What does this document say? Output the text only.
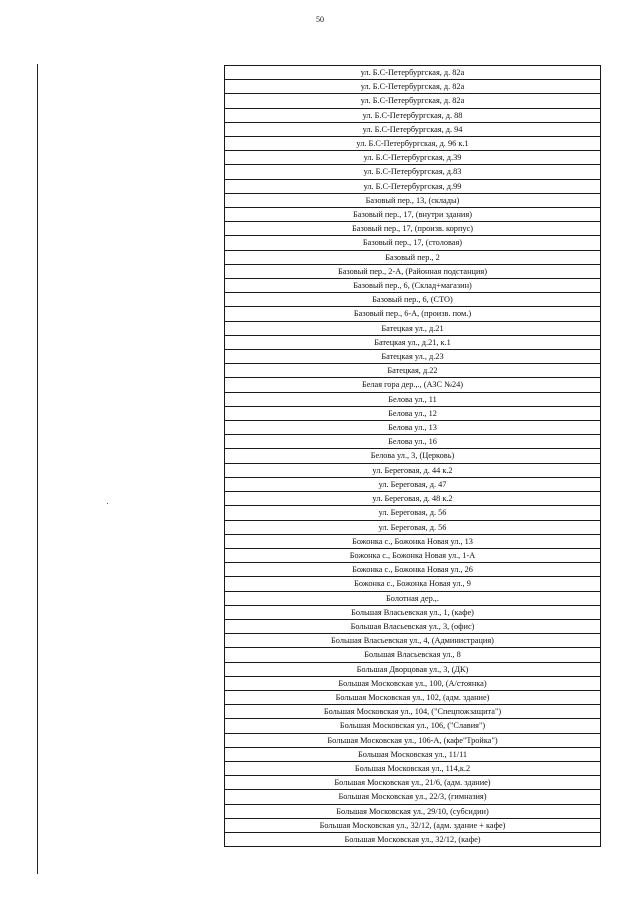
50
ул. Б.С-Петербургская, д. 82а
ул. Б.С-Петербургская, д. 82а
ул. Б.С-Петербургская, д. 82а
ул. Б.С-Петербургская, д. 88
ул. Б.С-Петербургская, д. 94
ул. Б.С-Петербургская, д. 96 к.1
ул. Б.С-Петербургская, д.39
ул. Б.С-Петербургская, д.83
ул. Б.С-Петербургская, д.99
Базовый пер., 13, (склады)
Базовый пер., 17, (внутри здания)
Базовый пер., 17, (произв. корпус)
Базовый пер., 17, (столовая)
Базовый пер., 2
Базовый пер., 2-А, (Районная подстанция)
Базовый пер., 6, (Склад+магазин)
Базовый пер., 6, (СТО)
Базовый пер., 6-А, (произв. пом.)
Батецкая ул., д.21
Батецкая ул., д.21, к.1
Батецкая ул., д.23
Батецкая, д.22
Белая гора дер.,., (АЗС №24)
Белова ул., 11
Белова ул., 12
Белова ул., 13
Белова ул., 16
Белова ул., 3, (Церковь)
ул. Береговая, д. 44 к.2
ул. Береговая, д. 47
ул. Береговая, д. 48 к.2
ул. Береговая, д. 56
ул. Береговая, д. 56
Божонка с., Божонка Новая ул., 13
Божонка с., Божонка Новая ул., 1-А
Божонка с., Божонка Новая ул., 26
Божонка с., Божонка Новая ул., 9
Болотная дер.,.
Большая Власьевская ул., 1, (кафе)
Большая Власьевская ул., 3, (офис)
Большая Власьевская ул., 4, (Администрация)
Большая Власьевская ул., 8
Большая Дворцовая ул., 3, (ДК)
Большая Московская ул., 100, (А/стоянка)
Большая Московская ул., 102, (адм. здание)
Большая Московская ул., 104, ("Спецпожзащита")
Большая Московская ул., 106, ("Славия")
Большая Московская ул., 106-А, (кафе"Тройка")
Большая Московская ул., 11/11
Большая Московская ул., 114,к.2
Большая Московская ул., 21/6, (адм. здание)
Большая Московская ул., 22/3, (гимназия)
Большая Московская ул., 29/10, (субсидии)
Большая Московская ул., 32/12, (адм. здание + кафе)
Большая Московская ул., 32/12, (кафе)
